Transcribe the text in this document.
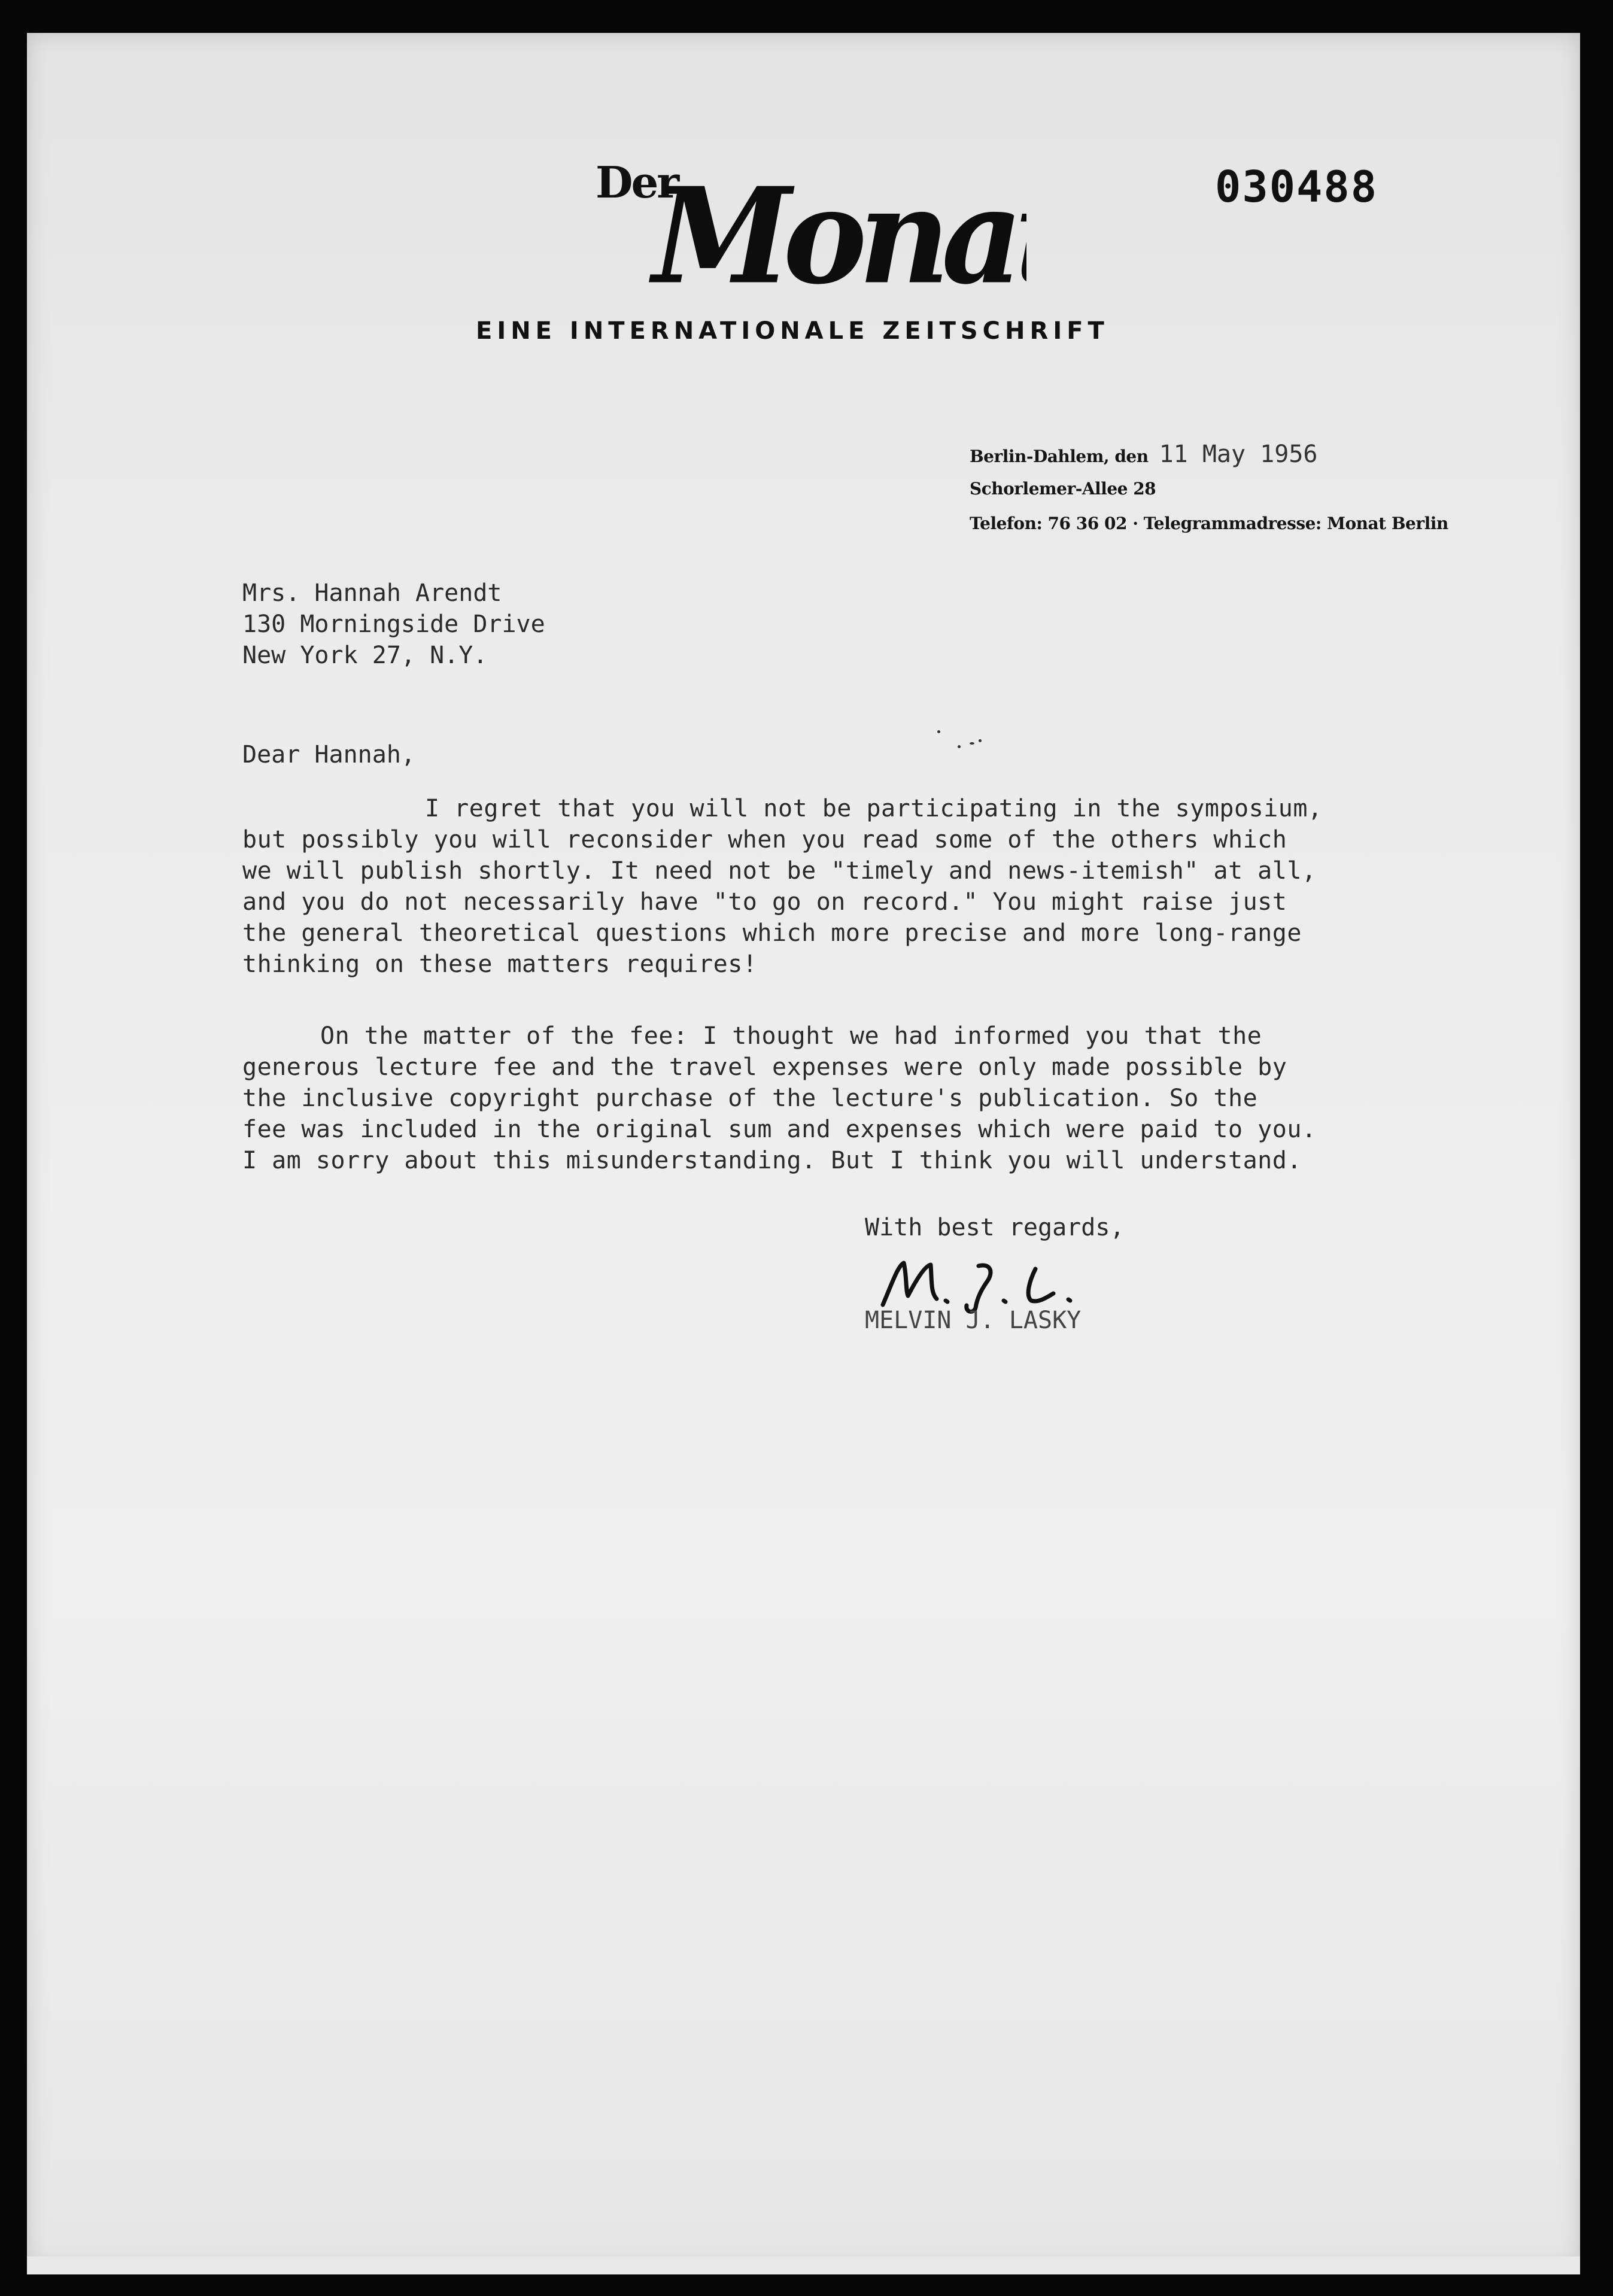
Der
Monat	030488
EINE INTERNATIONALE ZEITSCHRIFT
Berlin-Dahlem, den 11 May 1956
Schorlemer-Allee 28
Telefon: 76 36 02 · Telegrammadresse: Monat Berlin
Mrs. Hannah Arendt
130 Morningside Drive
New York 27, N.Y.
Dear Hannah,
I regret that you will not be participating in the symposium,
but possibly you will reconsider when you read some of the others which
we will publish shortly. It need not be "timely and news-itemish" at all,
and you do not necessarily have "to go on record." You might raise just
the general theoretical questions which more precise and more long-range
thinking on these matters requires!
On the matter of the fee: I thought we had informed you that the
generous lecture fee and the travel expenses were only made possible by
the inclusive copyright purchase of the lecture's publication. So the
fee was included in the original sum and expenses which were paid to you.
I am sorry about this misunderstanding. But I think you will understand.
With best regards,
MELVIN J. LASKY
